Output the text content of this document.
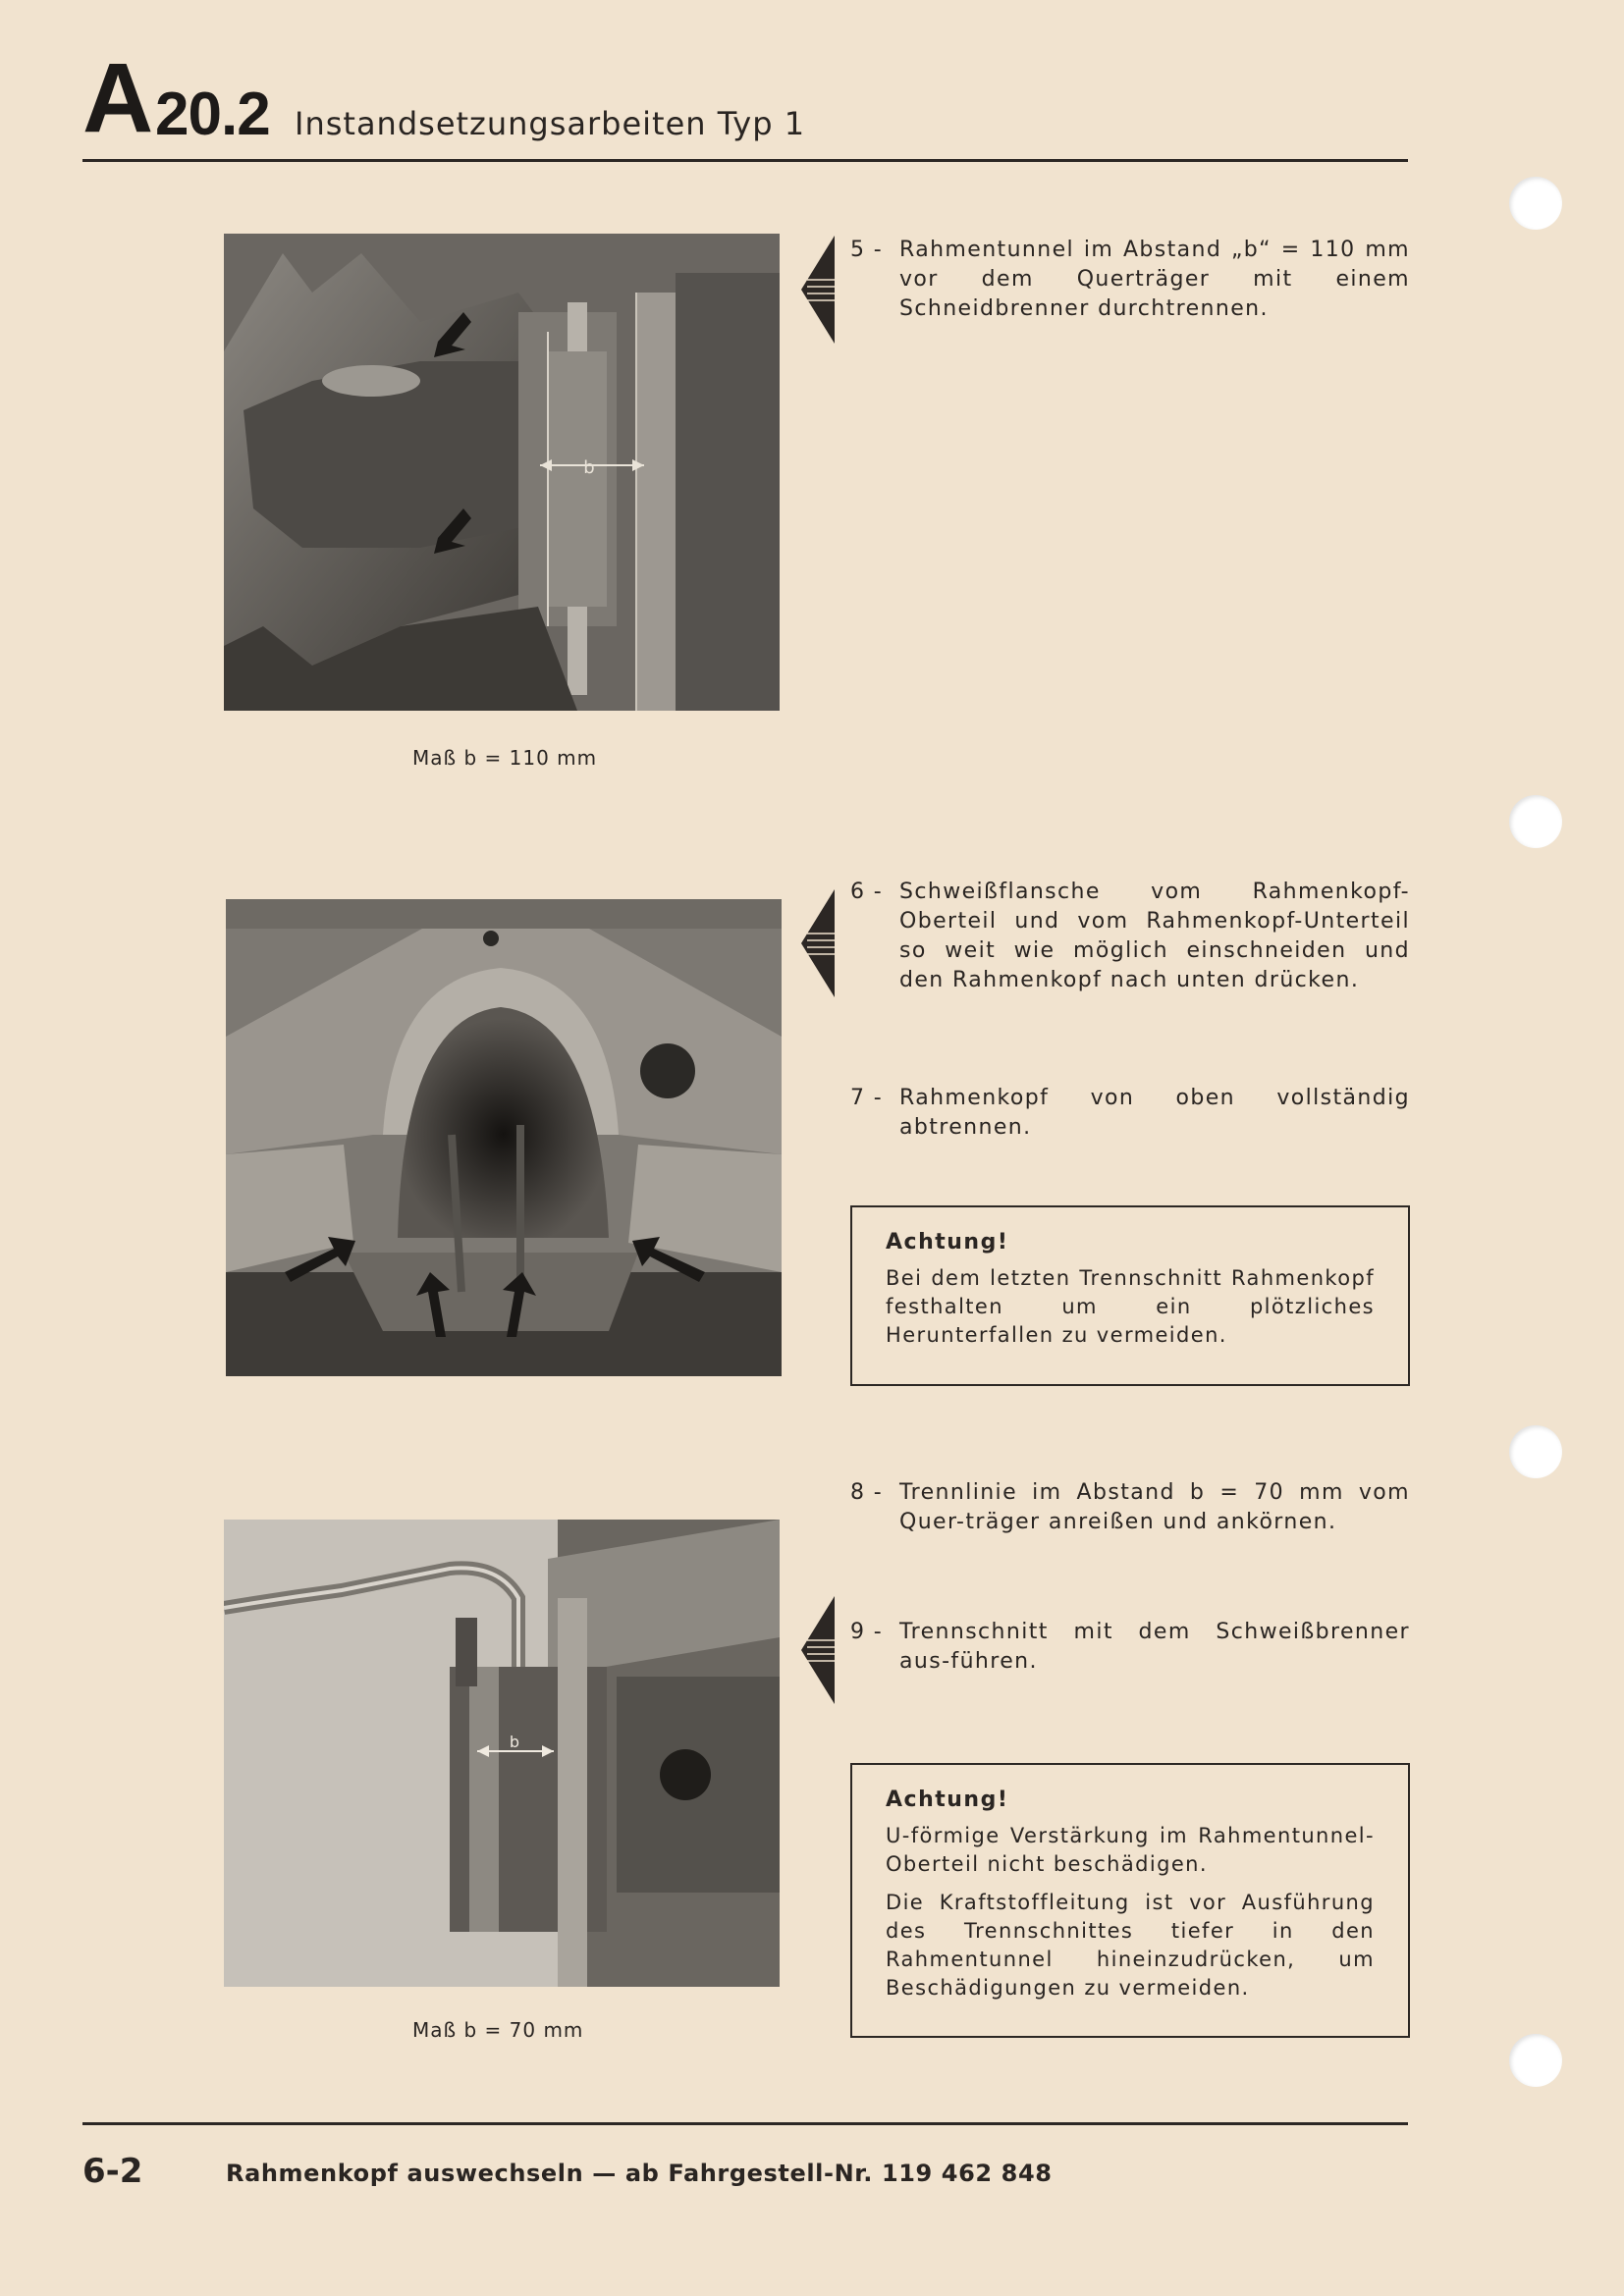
A 20.2 Instandsetzungsarbeiten Typ 1
b
Maß b = 110 mm
5 - Rahmentunnel im Abstand „b“ = 110 mm vor dem Querträger mit einem Schneidbrenner durchtrennen.
6 - Schweißflansche vom Rahmenkopf-Oberteil und vom Rahmenkopf-Unterteil so weit wie möglich einschneiden und den Rahmenkopf nach unten drücken.
7 - Rahmenkopf von oben vollständig abtrennen.
Achtung!

Bei dem letzten Trennschnitt Rahmenkopf festhalten um ein plötzliches Herunterfallen zu vermeiden.

8 - Trennlinie im Abstand b = 70 mm vom Quer-träger anreißen und ankörnen.
b
Maß b = 70 mm
9 - Trennschnitt mit dem Schweißbrenner aus-führen.
Achtung!

U-förmige Verstärkung im Rahmentunnel-Oberteil nicht beschädigen.

Die Kraftstoffleitung ist vor Ausführung des Trennschnittes tiefer in den Rahmentunnel hineinzudrücken, um Beschädigungen zu vermeiden.

6-2	Rahmenkopf auswechseln — ab Fahrgestell-Nr. 119 462 848
